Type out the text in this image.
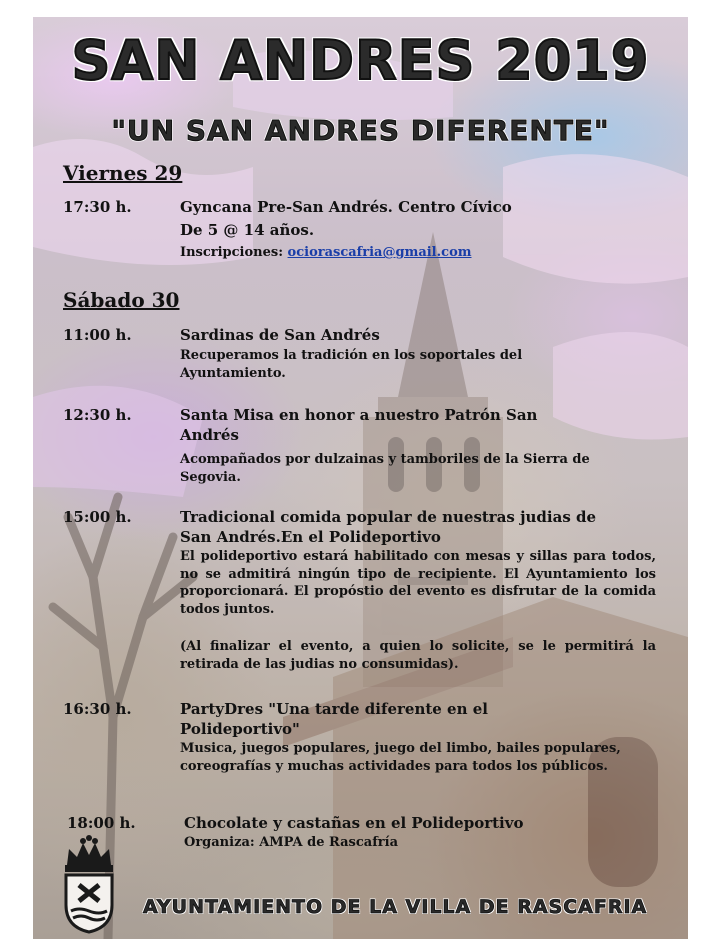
SAN ANDRES 2019
"UN SAN ANDRES DIFERENTE"
Viernes 29
17:30 h.	Gyncana Pre-San Andrés. Centro Cívico
De 5 @ 14 años.
Inscripciones: ociorascafria@gmail.com
Sábado 30
11:00 h.	Sardinas de San Andrés
Recuperamos la tradición en los soportales del Ayuntamiento.
12:30 h.	Santa Misa en honor a nuestro Patrón San Andrés
Acompañados por dulzainas y tamboriles de la Sierra de Segovia.
15:00 h.	Tradicional comida popular de nuestras judias de San Andrés.En el Polideportivo
El polideportivo estará habilitado con mesas y sillas para todos, no se admitirá ningún tipo de recipiente. El Ayuntamiento los proporcionará. El propóstio del evento es disfrutar de la comida todos juntos.
(Al finalizar el evento, a quien lo solicite, se le permitirá la retirada de las judias no consumidas).
16:30 h.	PartyDres "Una tarde diferente en el Polideportivo"
Musica, juegos populares, juego del limbo, bailes populares, coreografías y muchas actividades para todos los públicos.
18:00 h.	Chocolate y castañas en el Polideportivo
Organiza: AMPA de Rascafría
AYUNTAMIENTO DE LA VILLA DE RASCAFRIA
